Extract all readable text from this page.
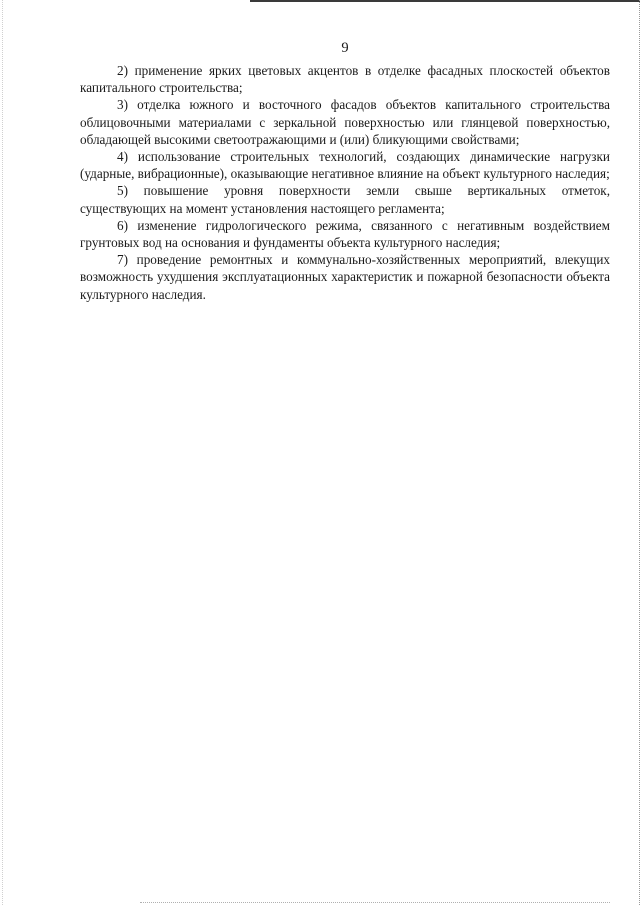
9

2) применение ярких цветовых акцентов в отделке фасадных плоскостей объектов капитального строительства;

3) отделка южного и восточного фасадов объектов капитального строительства облицовочными материалами с зеркальной поверхностью или глянцевой поверхностью, обладающей высокими светоотражающими и (или) бликующими свойствами;

4) использование строительных технологий, создающих динамические нагрузки (ударные, вибрационные), оказывающие негативное влияние на объект культурного наследия;

5) повышение уровня поверхности земли свыше вертикальных отметок, существующих на момент установления настоящего регламента;

6) изменение гидрологического режима, связанного с негативным воздействием грунтовых вод на основания и фундаменты объекта культурного наследия;

7) проведение ремонтных и коммунально-хозяйственных мероприятий, влекущих возможность ухудшения эксплуатационных характеристик и пожарной безопасности объекта культурного наследия.
